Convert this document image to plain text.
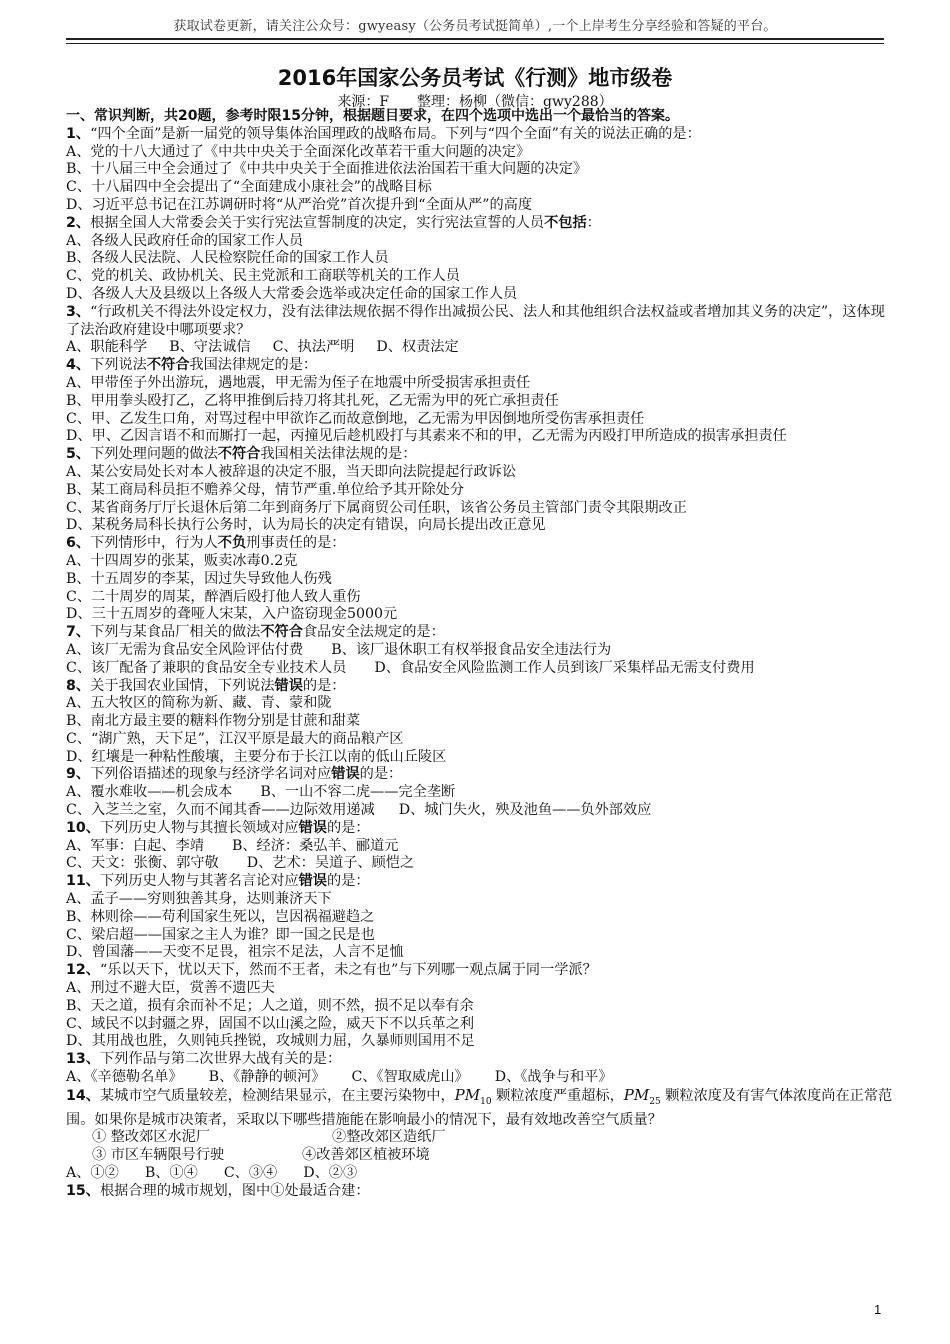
获取试卷更新，请关注公众号：gwyeasy（公务员考试挺简单）,一个上岸考生分享经验和答疑的平台。
2016年国家公务员考试《行测》地市级卷
来源：F　　整理：杨柳（微信：gwy288）
一、常识判断，共20题，参考时限15分钟，根据题目要求，在四个选项中选出一个最恰当的答案。
1、“四个全面”是新一届党的领导集体治国理政的战略布局。下列与“四个全面”有关的说法正确的是：
A、党的十八大通过了《中共中央关于全面深化改革若干重大问题的决定》
B、十八届三中全会通过了《中共中央关于全面推进依法治国若干重大问题的决定》
C、十八届四中全会提出了“全面建成小康社会”的战略目标
D、习近平总书记在江苏调研时将“从严治党”首次提升到“全面从严”的高度
2、根据全国人大常委会关于实行宪法宣誓制度的决定，实行宪法宣誓的人员不包括：
A、各级人民政府任命的国家工作人员
B、各级人民法院、人民检察院任命的国家工作人员
C、党的机关、政协机关、民主党派和工商联等机关的工作人员
D、各级人大及县级以上各级人大常委会选举或决定任命的国家工作人员
3、“行政机关不得法外设定权力，没有法律法规依据不得作出减损公民、法人和其他组织合法权益或者增加其义务的决定”，这体现了法治政府建设中哪项要求？
A、职能科学 B、守法诚信 C、执法严明 D、权责法定
4、下列说法不符合我国法律规定的是：
A、甲带侄子外出游玩，遇地震，甲无需为侄子在地震中所受损害承担责任
B、甲用拳头殴打乙，乙将甲推倒后持刀将其扎死，乙无需为甲的死亡承担责任
C、甲、乙发生口角，对骂过程中甲欲诈乙而故意倒地，乙无需为甲因倒地所受伤害承担责任
D、甲、乙因言语不和而厮打一起，丙撞见后趁机殴打与其素来不和的甲，乙无需为丙殴打甲所造成的损害承担责任
5、下列处理问题的做法不符合我国相关法律法规的是：
A、某公安局处长对本人被辞退的决定不服，当天即向法院提起行政诉讼
B、某工商局科员拒不赡养父母，情节严重.单位给予其开除处分
C、某省商务厅厅长退休后第二年到商务厅下属商贸公司任职，该省公务员主管部门责令其限期改正
D、某税务局科长执行公务时，认为局长的决定有错误，向局长提出改正意见
6、下列情形中，行为人不负刑事责任的是：
A、十四周岁的张某，贩卖冰毒0.2克
B、十五周岁的李某，因过失导致他人伤残
C、二十周岁的周某，醉酒后殴打他人致人重伤
D、三十五周岁的聋哑人宋某，入户盗窃现金5000元
7、下列与某食品厂相关的做法不符合食品安全法规定的是：
A、该厂无需为食品安全风险评估付费 B、该厂退休职工有权举报食品安全违法行为
C、该厂配备了兼职的食品安全专业技术人员 D、食品安全风险监测工作人员到该厂采集样品无需支付费用
8、关于我国农业国情，下列说法错误的是：
A、五大牧区的简称为新、藏、青、蒙和陇
B、南北方最主要的糖料作物分别是甘蔗和甜菜
C、“湖广熟，天下足”，江汉平原是最大的商品粮产区
D、红壤是一种粘性酸壤，主要分布于长江以南的低山丘陵区
9、下列俗语描述的现象与经济学名词对应错误的是：
A、覆水难收——机会成本 B、一山不容二虎——完全垄断
C、入芝兰之室，久而不闻其香——边际效用递减 D、城门失火，殃及池鱼——负外部效应
10、下列历史人物与其擅长领域对应错误的是：
A、军事：白起、李靖 B、经济：桑弘羊、郦道元
C、天文：张衡、郭守敬 D、艺术：吴道子、顾恺之
11、下列历史人物与其著名言论对应错误的是：
A、孟子——穷则独善其身，达则兼济天下
B、林则徐——苟利国家生死以，岂因祸福避趋之
C、梁启超——国家之主人为谁？即一国之民是也
D、曾国藩——天变不足畏，祖宗不足法，人言不足恤
12、“乐以天下，忧以天下，然而不王者，未之有也”与下列哪一观点属于同一学派？
A、刑过不避大臣，赏善不遗匹夫
B、天之道，损有余而补不足；人之道，则不然，损不足以奉有余
C、域民不以封疆之界，固国不以山溪之险，威天下不以兵革之利
D、其用战也胜，久则钝兵挫锐，攻城则力屈，久暴师则国用不足
13、下列作品与第二次世界大战有关的是：
A、《辛德勒名单》 B、《静静的顿河》 C、《智取威虎山》 D、《战争与和平》
14、某城市空气质量较差，检测结果显示，在主要污染物中，$PM_{10}$ 颗粒浓度严重超标，$PM_{25}$ 颗粒浓度及有害气体浓度尚在正常范围。如果你是城市决策者，采取以下哪些措施能在影响最小的情况下，最有效地改善空气质量？
① 整改郊区水泥厂	②整改郊区造纸厂
③ 市区车辆限号行驶	④改善郊区植被环境
A、①② B、①④ C、③④ D、②③
15、根据合理的城市规划，图中①处最适合建：
1
